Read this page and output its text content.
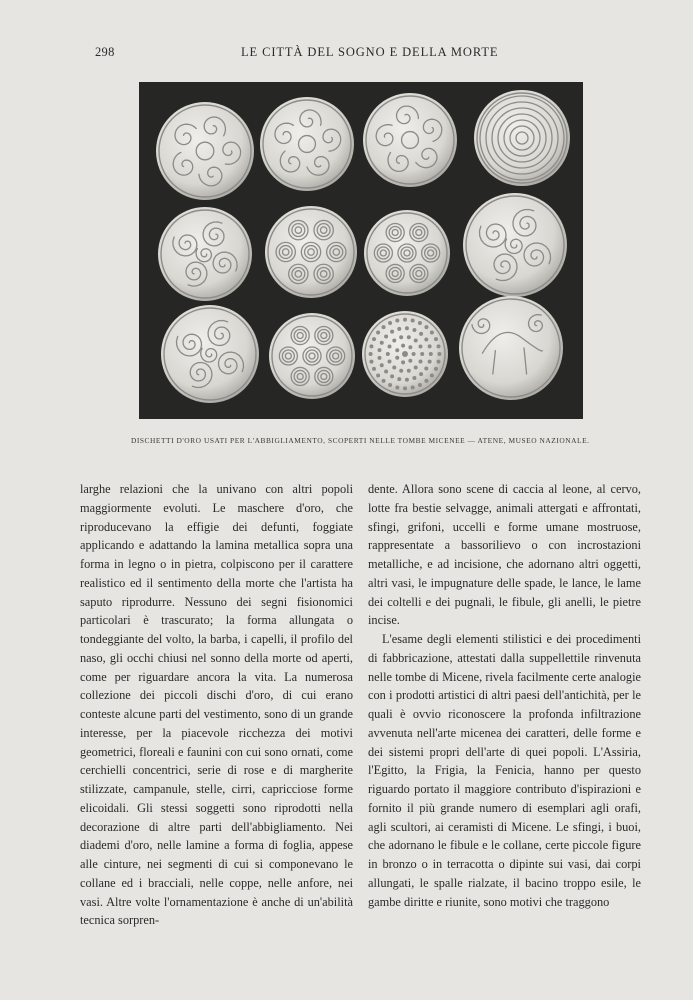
298	LE CITTÀ DEL SOGNO E DELLA MORTE
DISCHETTI D'ORO USATI PER L'ABBIGLIAMENTO, SCOPERTI NELLE TOMBE MICENEE — ATENE, MUSEO NAZIONALE.

larghe relazioni che la univano con altri popoli maggiormente evoluti. Le maschere d'oro, che riproducevano la effigie dei defunti, foggiate applicando e adattando la lamina metallica sopra una forma in legno o in pietra, colpiscono per il carattere realistico ed il sentimento della morte che l'artista ha saputo riprodurre. Nessuno dei segni fisionomici particolari è trascurato; la forma allungata o tondeggiante del volto, la barba, i capelli, il profilo del naso, gli occhi chiusi nel sonno della morte od aperti, come per riguardare ancora la vita. La numerosa collezione dei piccoli dischi d'oro, di cui erano conteste alcune parti del vestimento, sono di un grande interesse, per la piacevole ricchezza dei motivi geometrici, floreali e faunini con cui sono ornati, come cerchielli concentrici, serie di rose e di margherite stilizzate, campanule, stelle, cirri, capricciose forme elicoidali. Gli stessi soggetti sono riprodotti nella decorazione di altre parti dell'abbigliamento. Nei diademi d'oro, nelle lamine a forma di foglia, appese alle cinture, nei segmenti di cui si componevano le collane ed i bracciali, nelle coppe, nelle anfore, nei vasi. Altre volte l'ornamentazione è anche di un'abilità tecnica sorpren-

dente. Allora sono scene di caccia al leone, al cervo, lotte fra bestie selvagge, animali attergati e affrontati, sfingi, grifoni, uccelli e forme umane mostruose, rappresentate a bassorilievo o con incrostazioni metalliche, e ad incisione, che adornano altri oggetti, altri vasi, le impugnature delle spade, le lance, le lame dei coltelli e dei pugnali, le fibule, gli anelli, le pietre incise.

L'esame degli elementi stilistici e dei procedimenti di fabbricazione, attestati dalla suppellettile rinvenuta nelle tombe di Micene, rivela facilmente certe analogie con i prodotti artistici di altri paesi dell'antichità, per le quali è ovvio riconoscere la profonda infiltrazione avvenuta nell'arte micenea dei caratteri, delle forme e dei sistemi propri dell'arte di quei popoli. L'Assiria, l'Egitto, la Frigia, la Fenicia, hanno per questo riguardo portato il maggiore contributo d'ispirazioni e fornito il più grande numero di esemplari agli orafi, agli scultori, ai ceramisti di Micene. Le sfingi, i buoi, che adornano le fibule e le collane, certe piccole figure in bronzo o in terracotta o dipinte sui vasi, dai corpi allungati, le spalle rialzate, il bacino troppo esile, le gambe diritte e riunite, sono motivi che traggono
